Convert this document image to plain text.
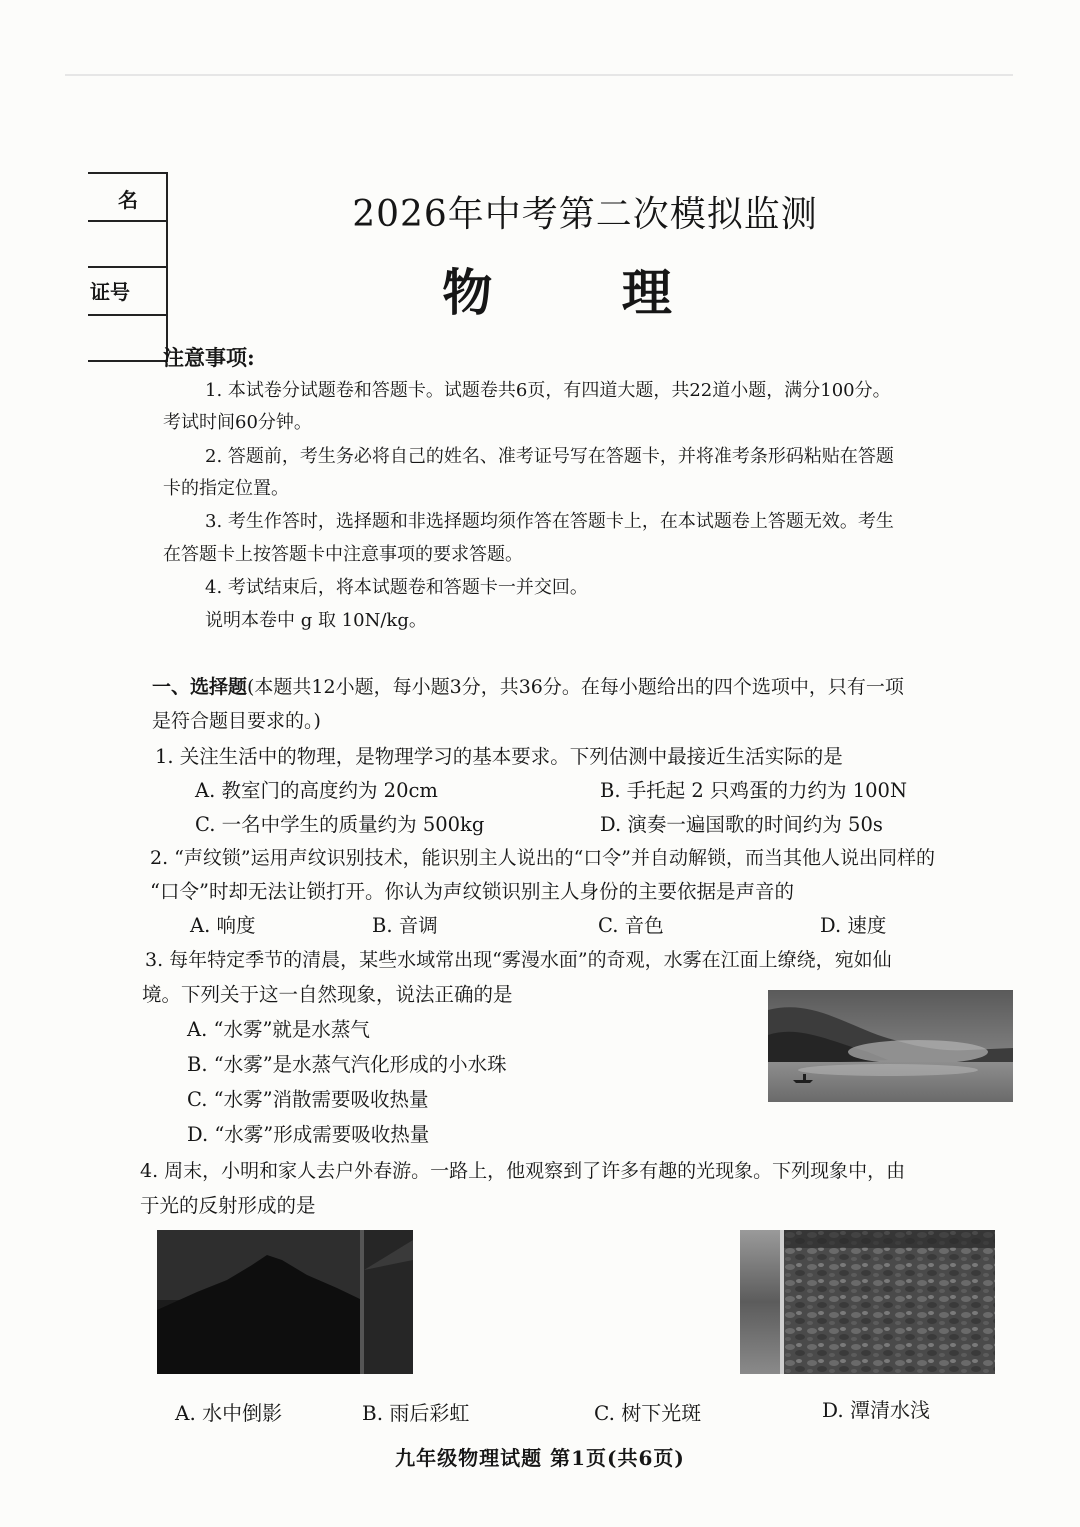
名
证号
2026年中考第二次模拟监测
物 理
注意事项:
1. 本试卷分试题卷和答题卡。试题卷共6页，有四道大题，共22道小题，满分100分。
考试时间60分钟。
2. 答题前，考生务必将自己的姓名、准考证号写在答题卡，并将准考条形码粘贴在答题
卡的指定位置。
3. 考生作答时，选择题和非选择题均须作答在答题卡上，在本试题卷上答题无效。考生
在答题卡上按答题卡中注意事项的要求答题。
4. 考试结束后，将本试题卷和答题卡一并交回。
说明本卷中 g 取 10N/kg。
一、选择题(本题共12小题，每小题3分，共36分。在每小题给出的四个选项中，只有一项
是符合题目要求的。)
1. 关注生活中的物理，是物理学习的基本要求。下列估测中最接近生活实际的是
A. 教室门的高度约为 20cm	B. 手托起 2 只鸡蛋的力约为 100N
C. 一名中学生的质量约为 500kg	D. 演奏一遍国歌的时间约为 50s
2. “声纹锁”运用声纹识别技术，能识别主人说出的“口令”并自动解锁，而当其他人说出同样的
“口令”时却无法让锁打开。你认为声纹锁识别主人身份的主要依据是声音的
A. 响度	B. 音调	C. 音色	D. 速度
3. 每年特定季节的清晨，某些水域常出现“雾漫水面”的奇观，水雾在江面上缭绕，宛如仙
境。下列关于这一自然现象，说法正确的是
A. “水雾”就是水蒸气
B. “水雾”是水蒸气汽化形成的小水珠
C. “水雾”消散需要吸收热量
D. “水雾”形成需要吸收热量
4. 周末，小明和家人去户外春游。一路上，他观察到了许多有趣的光现象。下列现象中，由
于光的反射形成的是
A. 水中倒影	B. 雨后彩虹	C. 树下光斑	D. 潭清水浅
九年级物理试题 第1页(共6页)
